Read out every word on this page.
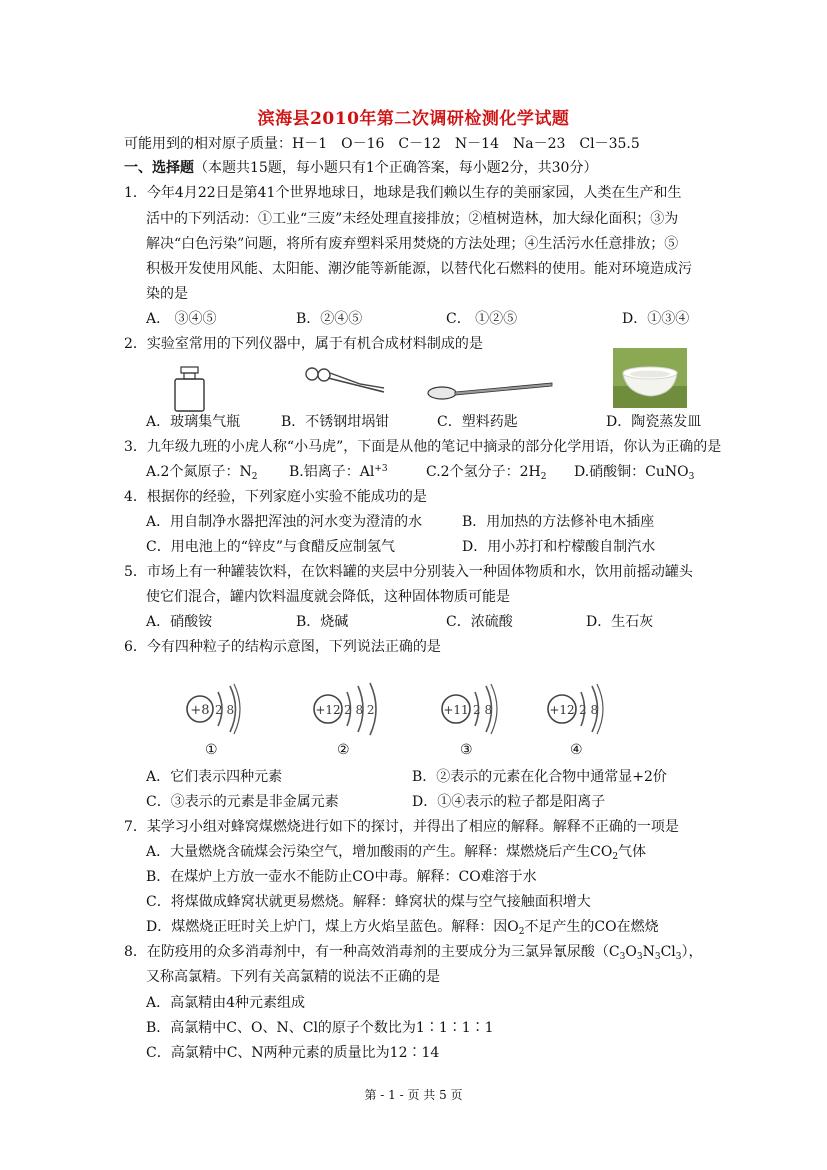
滨海县2010年第二次调研检测化学试题
可能用到的相对原子质量：H－1　O－16　C－12　N－14　Na－23　Cl－35.5
一、选择题（本题共15题，每小题只有1个正确答案，每小题2分，共30分）
1．今年4月22日是第41个世界地球日，地球是我们赖以生存的美丽家园，人类在生产和生
活中的下列活动：①工业“三废”未经处理直接排放；②植树造林，加大绿化面积；③为
解决“白色污染”问题，将所有废弃塑料采用焚烧的方法处理；④生活污水任意排放；⑤
积极开发使用风能、太阳能、潮汐能等新能源，以替代化石燃料的使用。能对环境造成污
染的是
A． ③④⑤	B．②④⑤	C． ①②⑤	D．①③④
2．实验室常用的下列仪器中，属于有机合成材料制成的是
A．玻璃集气瓶	B．不锈钢坩埚钳	C．塑料药匙	D．陶瓷蒸发皿
3．九年级九班的小虎人称“小马虎”，下面是从他的笔记中摘录的部分化学用语，你认为正确的是
A.2个氮原子：$N_2$ B.铝离子：$Al^{+3}$	C.2个氢分子：$2H_2$ D.硝酸铜：CuNO$_3$
4．根据你的经验，下列家庭小实验不能成功的是
A．用自制净水器把浑浊的河水变为澄清的水	B．用加热的方法修补电木插座
C．用电池上的“锌皮”与食醋反应制氢气	D．用小苏打和柠檬酸自制汽水
5．市场上有一种罐装饮料，在饮料罐的夹层中分别装入一种固体物质和水，饮用前摇动罐头
使它们混合，罐内饮料温度就会降低，这种固体物质可能是
A．硝酸铵	B．烧碱	C．浓硫酸	D．生石灰
6．今有四种粒子的结构示意图，下列说法正确的是
+8 2 8	+12 2 8 2	+11 2 8	+12 2 8
①	②	③	④
A．它们表示四种元素	B．②表示的元素在化合物中通常显+2价
C．③表示的元素是非金属元素	D．①④表示的粒子都是阳离子
7．某学习小组对蜂窝煤燃烧进行如下的探讨，并得出了相应的解释。解释不正确的一项是
A．大量燃烧含硫煤会污染空气，增加酸雨的产生。解释：煤燃烧后产生$CO_2$气体
B．在煤炉上方放一壶水不能防止CO中毒。解释：CO难溶于水
C．将煤做成蜂窝状就更易燃烧。解释：蜂窝状的煤与空气接触面积增大
D．煤燃烧正旺时关上炉门，煤上方火焰呈蓝色。解释：因$O_2$不足产生的CO在燃烧
8．在防疫用的众多消毒剂中，有一种高效消毒剂的主要成分为三氯异氰尿酸$(C_3O_3N_3Cl_3)$，
又称高氯精。下列有关高氯精的说法不正确的是
A．高氯精由4种元素组成
B．高氯精中C、O、N、Cl的原子个数比为1∶1∶1∶1
C．高氯精中C、N两种元素的质量比为12∶14
第 - 1 - 页 共 5 页
